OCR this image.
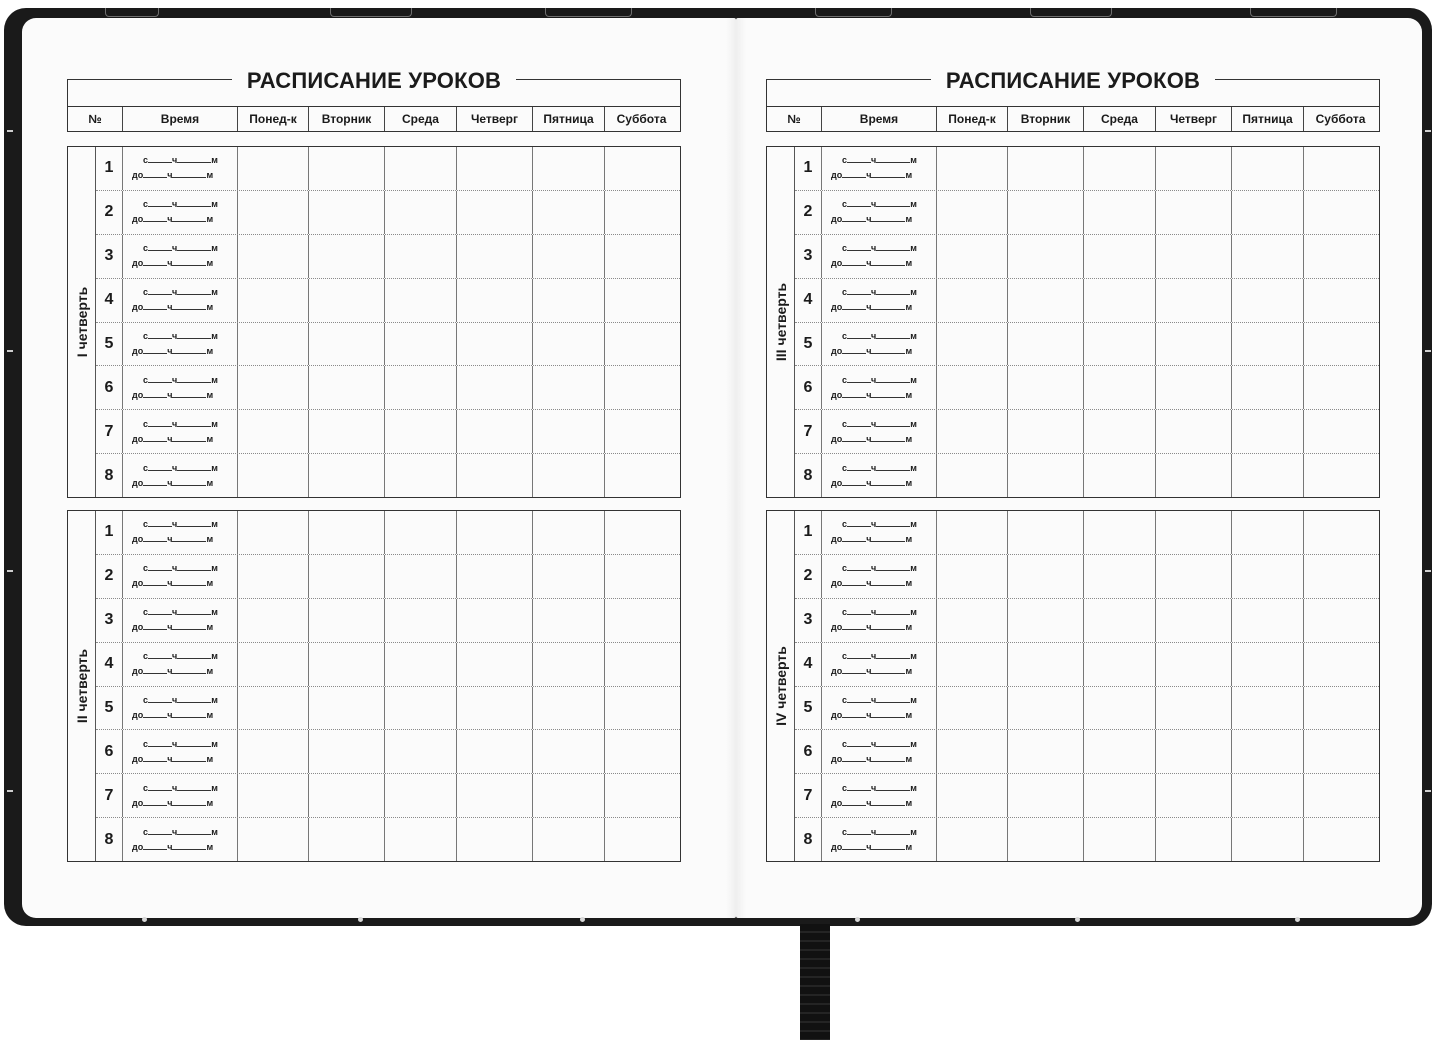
РАСПИСАНИЕ УРОКОВ
№	Время	Понед-к	Вторник	Среда	Четверг	Пятница	Суббота
I четверть
1	с	ч	м
до	ч	м
2	с	ч	м
до	ч	м
3	с	ч	м
до	ч	м
4	с	ч	м
до	ч	м
5	с	ч	м
до	ч	м
6	с	ч	м
до	ч	м
7	с	ч	м
до	ч	м
8	с	ч	м
до	ч	м
II четверть
1	с	ч	м
до	ч	м
2	с	ч	м
до	ч	м
3	с	ч	м
до	ч	м
4	с	ч	м
до	ч	м
5	с	ч	м
до	ч	м
6	с	ч	м
до	ч	м
7	с	ч	м
до	ч	м
8	с	ч	м
до	ч	м
РАСПИСАНИЕ УРОКОВ
№	Время	Понед-к	Вторник	Среда	Четверг	Пятница	Суббота
III четверть
1	с	ч	м
до	ч	м
2	с	ч	м
до	ч	м
3	с	ч	м
до	ч	м
4	с	ч	м
до	ч	м
5	с	ч	м
до	ч	м
6	с	ч	м
до	ч	м
7	с	ч	м
до	ч	м
8	с	ч	м
до	ч	м
IV четверть
1	с	ч	м
до	ч	м
2	с	ч	м
до	ч	м
3	с	ч	м
до	ч	м
4	с	ч	м
до	ч	м
5	с	ч	м
до	ч	м
6	с	ч	м
до	ч	м
7	с	ч	м
до	ч	м
8	с	ч	м
до	ч	м
